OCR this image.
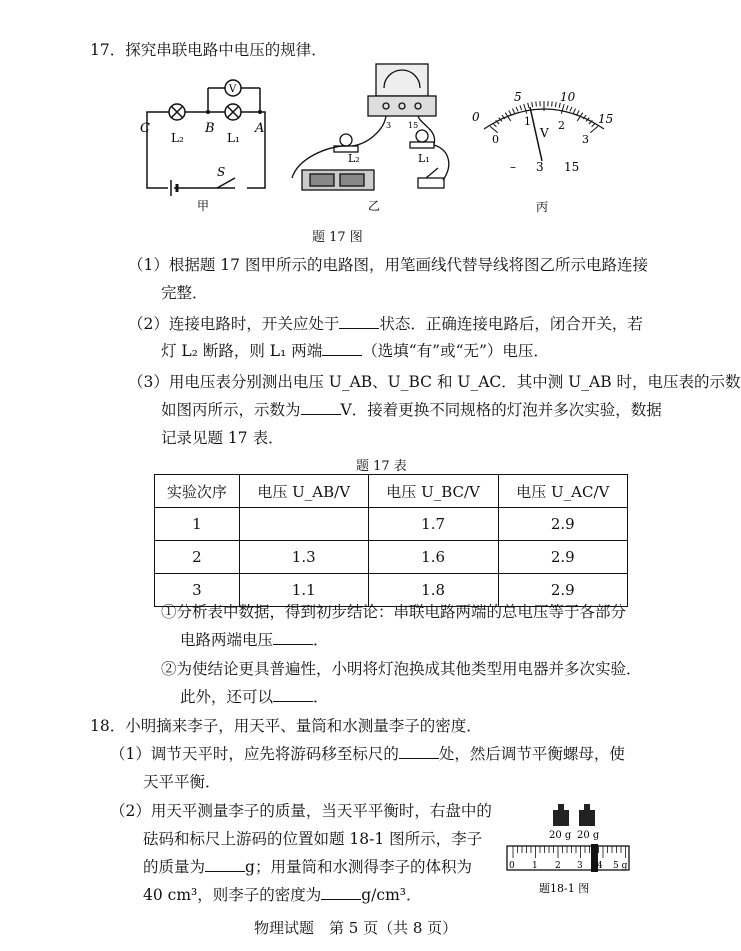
17．探究串联电路中电压的规律．
V
C	B	A
L₂	L₁
S
甲
L₂	L₁
3 15
乙
0
5	10
15
0
1 2
3
V
– 3 15
丙
题 17 图
（1）根据题 17 图甲所示的电路图，用笔画线代替导线将图乙所示电路连接
完整．
（2）连接电路时，开关应处于	状态．正确连接电路后，闭合开关，若
灯 L₂ 断路，则 L₁ 两端	（选填“有”或“无”）电压．
（3）用电压表分别测出电压 U_AB、U_BC 和 U_AC．其中测 U_AB 时，电压表的示数
如图丙所示，示数为	V．接着更换不同规格的灯泡并多次实验，数据
记录见题 17 表．
题 17 表
实验次序	电压 U_AB/V	电压 U_BC/V	电压 U_AC/V
1		1.7	2.9
2	1.3	1.6	2.9
3	1.1	1.8	2.9
①分析表中数据，得到初步结论：串联电路两端的总电压等于各部分
电路两端电压	．
②为使结论更具普遍性，小明将灯泡换成其他类型用电器并多次实验．
此外，还可以	．
18．小明摘来李子，用天平、量筒和水测量李子的密度．
（1）调节天平时，应先将游码移至标尺的	处，然后调节平衡螺母，使
天平平衡．
（2）用天平测量李子的质量，当天平平衡时，右盘中的
砝码和标尺上游码的位置如题 18-1 图所示，李子
的质量为	g；用量筒和水测得李子的体积为
40 cm³，则李子的密度为	g/cm³．
20 g 20 g
0 1 2 3 4 5 g
题18-1 图
物理试题　第 5 页（共 8 页）
